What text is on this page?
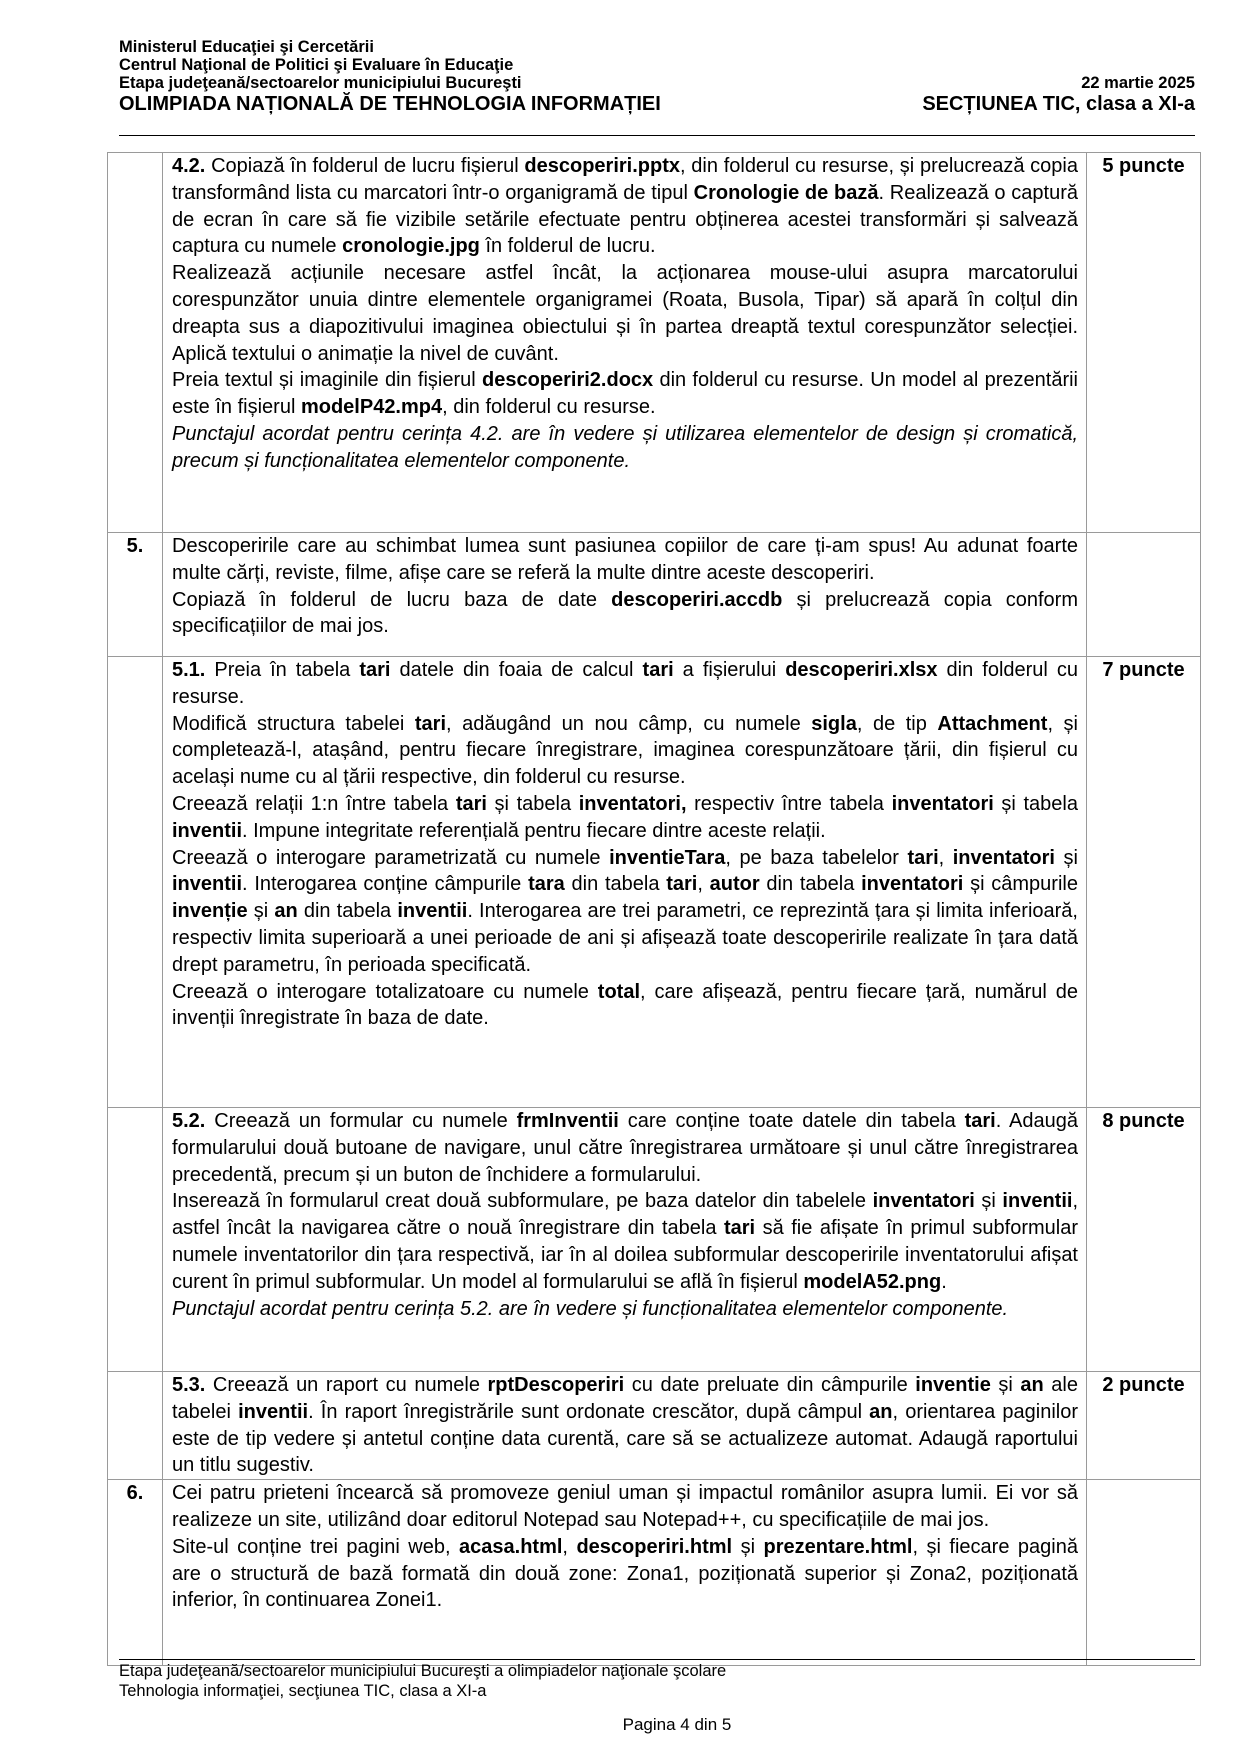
Ministerul Educaţiei şi Cercetării
Centrul Naţional de Politici şi Evaluare în Educaţie
Etapa judeţeană/sectoarelor municipiului Bucureşti	22 martie 2025
OLIMPIADA NAȚIONALĂ DE TEHNOLOGIA INFORMAȚIEI	SECȚIUNEA TIC, clasa a XI-a

	4.2. Copiază în folderul de lucru fișierul descoperiri.pptx, din folderul cu resurse, și prelucrează copia transformând lista cu marcatori într-o organigramă de tipul Cronologie de bază. Realizează o captură de ecran în care să fie vizibile setările efectuate pentru obținerea acestei transformări și salvează captura cu numele cronologie.jpg în folderul de lucru.

Realizează acțiunile necesare astfel încât, la acționarea mouse-ului asupra marcatorului corespunzător unuia dintre elementele organigramei (Roata, Busola, Tipar) să apară în colțul din dreapta sus a diapozitivului imaginea obiectului și în partea dreaptă textul corespunzător selecției. Aplică textului o animație la nivel de cuvânt.

Preia textul și imaginile din fișierul descoperiri2.docx din folderul cu resurse. Un model al prezentării este în fișierul modelP42.mp4, din folderul cu resurse.

Punctajul acordat pentru cerința 4.2. are în vedere și utilizarea elementelor de design și cromatică, precum și funcționalitatea elementelor componente.	5 puncte
5.	Descoperirile care au schimbat lumea sunt pasiunea copiilor de care ți-am spus! Au adunat foarte multe cărți, reviste, filme, afișe care se referă la multe dintre aceste descoperiri.

Copiază în folderul de lucru baza de date descoperiri.accdb și prelucrează copia conform specificațiilor de mai jos.	

	5.1. Preia în tabela tari datele din foaia de calcul tari a fișierului descoperiri.xlsx din folderul cu resurse.

Modifică structura tabelei tari, adăugând un nou câmp, cu numele sigla, de tip Attachment, și completează-l, atașând, pentru fiecare înregistrare, imaginea corespunzătoare țării, din fișierul cu același nume cu al țării respective, din folderul cu resurse.

Creează relații 1:n între tabela tari și tabela inventatori, respectiv între tabela inventatori și tabela inventii. Impune integritate referențială pentru fiecare dintre aceste relații.

Creează o interogare parametrizată cu numele inventieTara, pe baza tabelelor tari, inventatori și inventii. Interogarea conține câmpurile tara din tabela tari, autor din tabela inventatori și câmpurile invenție și an din tabela inventii. Interogarea are trei parametri, ce reprezintă țara și limita inferioară, respectiv limita superioară a unei perioade de ani și afișează toate descoperirile realizate în țara dată drept parametru, în perioada specificată.

Creează o interogare totalizatoare cu numele total, care afișează, pentru fiecare țară, numărul de invenții înregistrate în baza de date.	7 puncte

	5.2. Creează un formular cu numele frmInventii care conține toate datele din tabela tari. Adaugă formularului două butoane de navigare, unul către înregistrarea următoare și unul către înregistrarea precedentă, precum și un buton de închidere a formularului.

Inserează în formularul creat două subformulare, pe baza datelor din tabelele inventatori și inventii, astfel încât la navigarea către o nouă înregistrare din tabela tari să fie afișate în primul subformular numele inventatorilor din țara respectivă, iar în al doilea subformular descoperirile inventatorului afișat curent în primul subformular. Un model al formularului se află în fișierul modelA52.png.

Punctajul acordat pentru cerința 5.2. are în vedere și funcționalitatea elementelor componente.	8 puncte

	5.3. Creează un raport cu numele rptDescoperiri cu date preluate din câmpurile inventie și an ale tabelei inventii. În raport înregistrările sunt ordonate crescător, după câmpul an, orientarea paginilor este de tip vedere și antetul conține data curentă, care să se actualizeze automat. Adaugă raportului un titlu sugestiv.	2 puncte
6.	Cei patru prieteni încearcă să promoveze geniul uman și impactul românilor asupra lumii. Ei vor să realizeze un site, utilizând doar editorul Notepad sau Notepad++, cu specificațiile de mai jos.

Site-ul conține trei pagini web, acasa.html, descoperiri.html și prezentare.html, și fiecare pagină are o structură de bază formată din două zone: Zona1, poziționată superior și Zona2, poziționată inferior, în continuarea Zonei1.	

Etapa judeţeană/sectoarelor municipiului Bucureşti a olimpiadelor naţionale şcolare
Tehnologia informaţiei, secţiunea TIC, clasa a XI-a
Pagina 4 din 5
